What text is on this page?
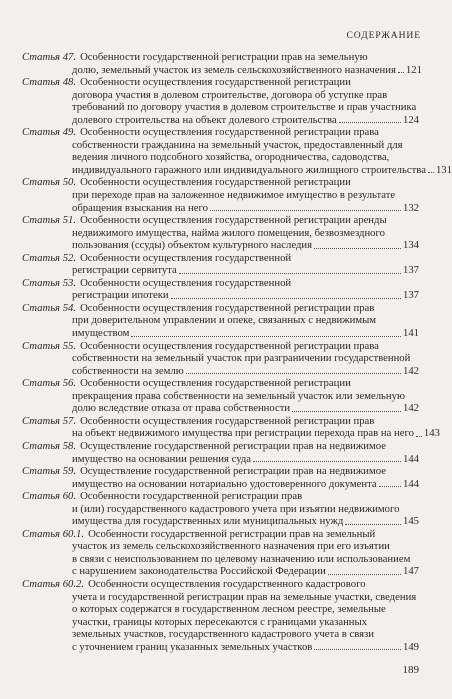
СОДЕРЖАНИЕ
Статья 47. Особенности государственной регистрации прав на земельную
долю, земельный участок из земель сельскохозяйственного назначения 121
Статья 48. Особенности осуществления государственной регистрации
договора участия в долевом строительстве, договора об уступке прав
требований по договору участия в долевом строительстве и прав участника
долевого строительства на объект долевого строительства	124
Статья 49. Особенности осуществления государственной регистрации права
собственности гражданина на земельный участок, предоставленный для
ведения личного подсобного хозяйства, огородничества, садоводства,
индивидуального гаражного или индивидуального жилищного строительства 131
Статья 50. Особенности осуществления государственной регистрации
при переходе прав на заложенное недвижимое имущество в результате
обращения взыскания на него	132
Статья 51. Особенности осуществления государственной регистрации аренды
недвижимого имущества, найма жилого помещения, безвозмездного
пользования (ссуды) объектом культурного наследия	134
Статья 52. Особенности осуществления государственной
регистрации сервитута	137
Статья 53. Особенности осуществления государственной
регистрации ипотеки	137
Статья 54. Особенности осуществления государственной регистрации прав
при доверительном управлении и опеке, связанных с недвижимым
имуществом	141
Статья 55. Особенности осуществления государственной регистрации права
собственности на земельный участок при разграничении государственной
собственности на землю	142
Статья 56. Особенности осуществления государственной регистрации
прекращения права собственности на земельный участок или земельную
долю вследствие отказа от права собственности	142
Статья 57. Особенности осуществления государственной регистрации прав
на объект недвижимого имущества при регистрации перехода прав на него 143
Статья 58. Осуществление государственной регистрации прав на недвижимое
имущество на основании решения суда	144
Статья 59. Осуществление государственной регистрации прав на недвижимое
имущество на основании нотариально удостоверенного документа 144
Статья 60. Особенности государственной регистрации прав
и (или) государственного кадастрового учета при изъятии недвижимого
имущества для государственных или муниципальных нужд	145
Статья 60.1. Особенности государственной регистрации прав на земельный
участок из земель сельскохозяйственного назначения при его изъятии
в связи с неиспользованием по целевому назначению или использованием
с нарушением законодательства Российской Федерации	147
Статья 60.2. Особенности осуществления государственного кадастрового
учета и государственной регистрации прав на земельные участки, сведения
о которых содержатся в государственном лесном реестре, земельные
участки, границы которых пересекаются с границами указанных
земельных участков, государственного кадастрового учета в связи
с уточнением границ указанных земельных участков	149
189
